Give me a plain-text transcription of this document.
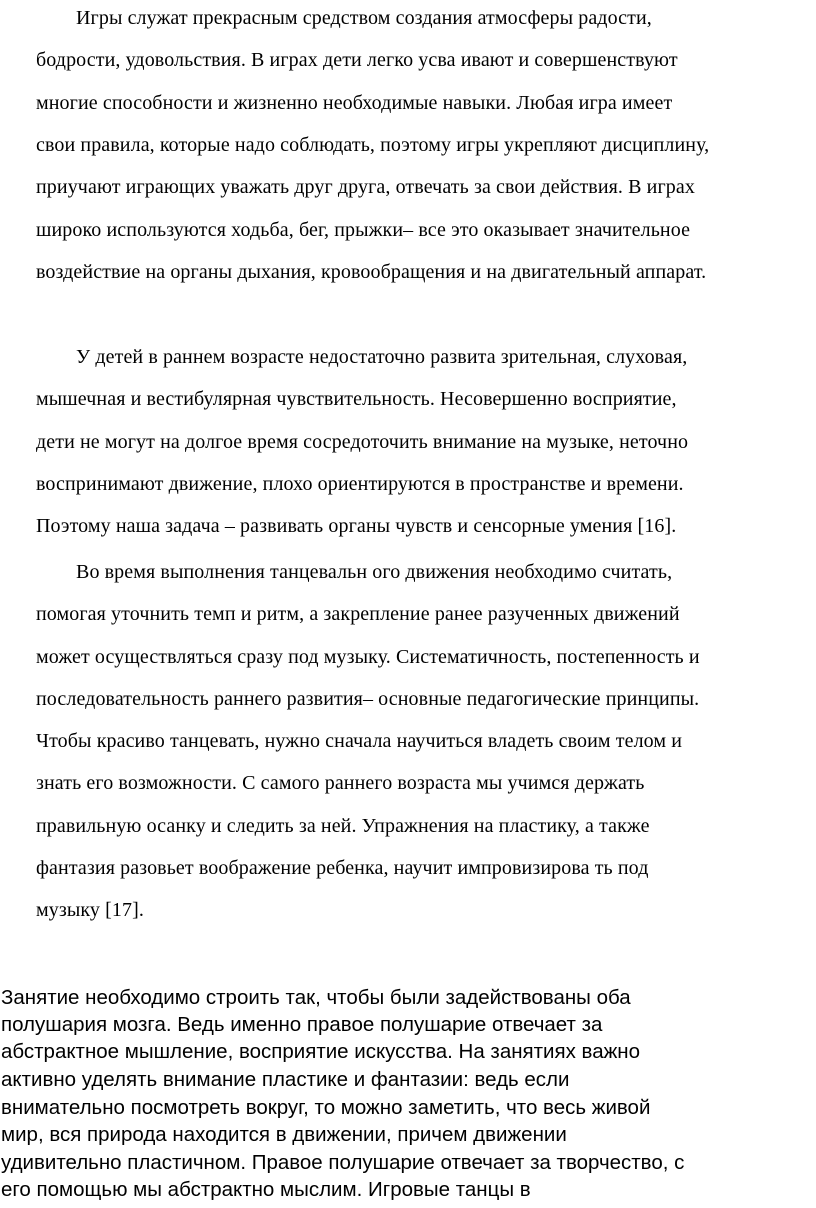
Игры служат прекрасным средством создания атмосферы радости,
бодрости, удовольствия. В играх дети легко усва ивают и совершенствуют
многие способности и жизненно необходимые навыки. Любая игра имеет
свои правила, которые надо соблюдать, поэтому игры укрепляют дисциплину,
приучают играющих уважать друг друга, отвечать за свои действия. В играх
широко используются ходьба, бег, прыжки– все это оказывает значительное
воздействие на органы дыхания, кровообращения и на двигательный аппарат.
У детей в раннем возрасте недостаточно развита зрительная, слуховая,
мышечная и вестибулярная чувствительность. Несовершенно восприятие,
дети не могут на долгое время сосредоточить внимание на музыке, неточно
воспринимают движение, плохо ориентируются в пространстве и времени.
Поэтому наша задача – развивать органы чувств и сенсорные умения [16].
Во время выполнения танцевальн ого движения необходимо считать,
помогая уточнить темп и ритм, а закрепление ранее разученных движений
может осуществляться сразу под музыку. Систематичность, постепенность и
последовательность раннего развития– основные педагогические принципы.
Чтобы красиво танцевать, нужно сначала научиться владеть своим телом и
знать его возможности. С самого раннего возраста мы учимся держать
правильную осанку и следить за ней. Упражнения на пластику, а также
фантазия разовьет воображение ребенка, научит импровизирова ть под
музыку [17].
Занятие необходимо строить так, чтобы были задействованы оба
полушария мозга. Ведь именно правое полушарие отвечает за
абстрактное мышление, восприятие искусства. На занятиях важно
активно уделять внимание пластике и фантазии: ведь если
внимательно посмотреть вокруг, то можно заметить, что весь живой
мир, вся природа находится в движении, причем движении
удивительно пластичном. Правое полушарие отвечает за творчество, с
его помощью мы абстрактно мыслим. Игровые танцы в
